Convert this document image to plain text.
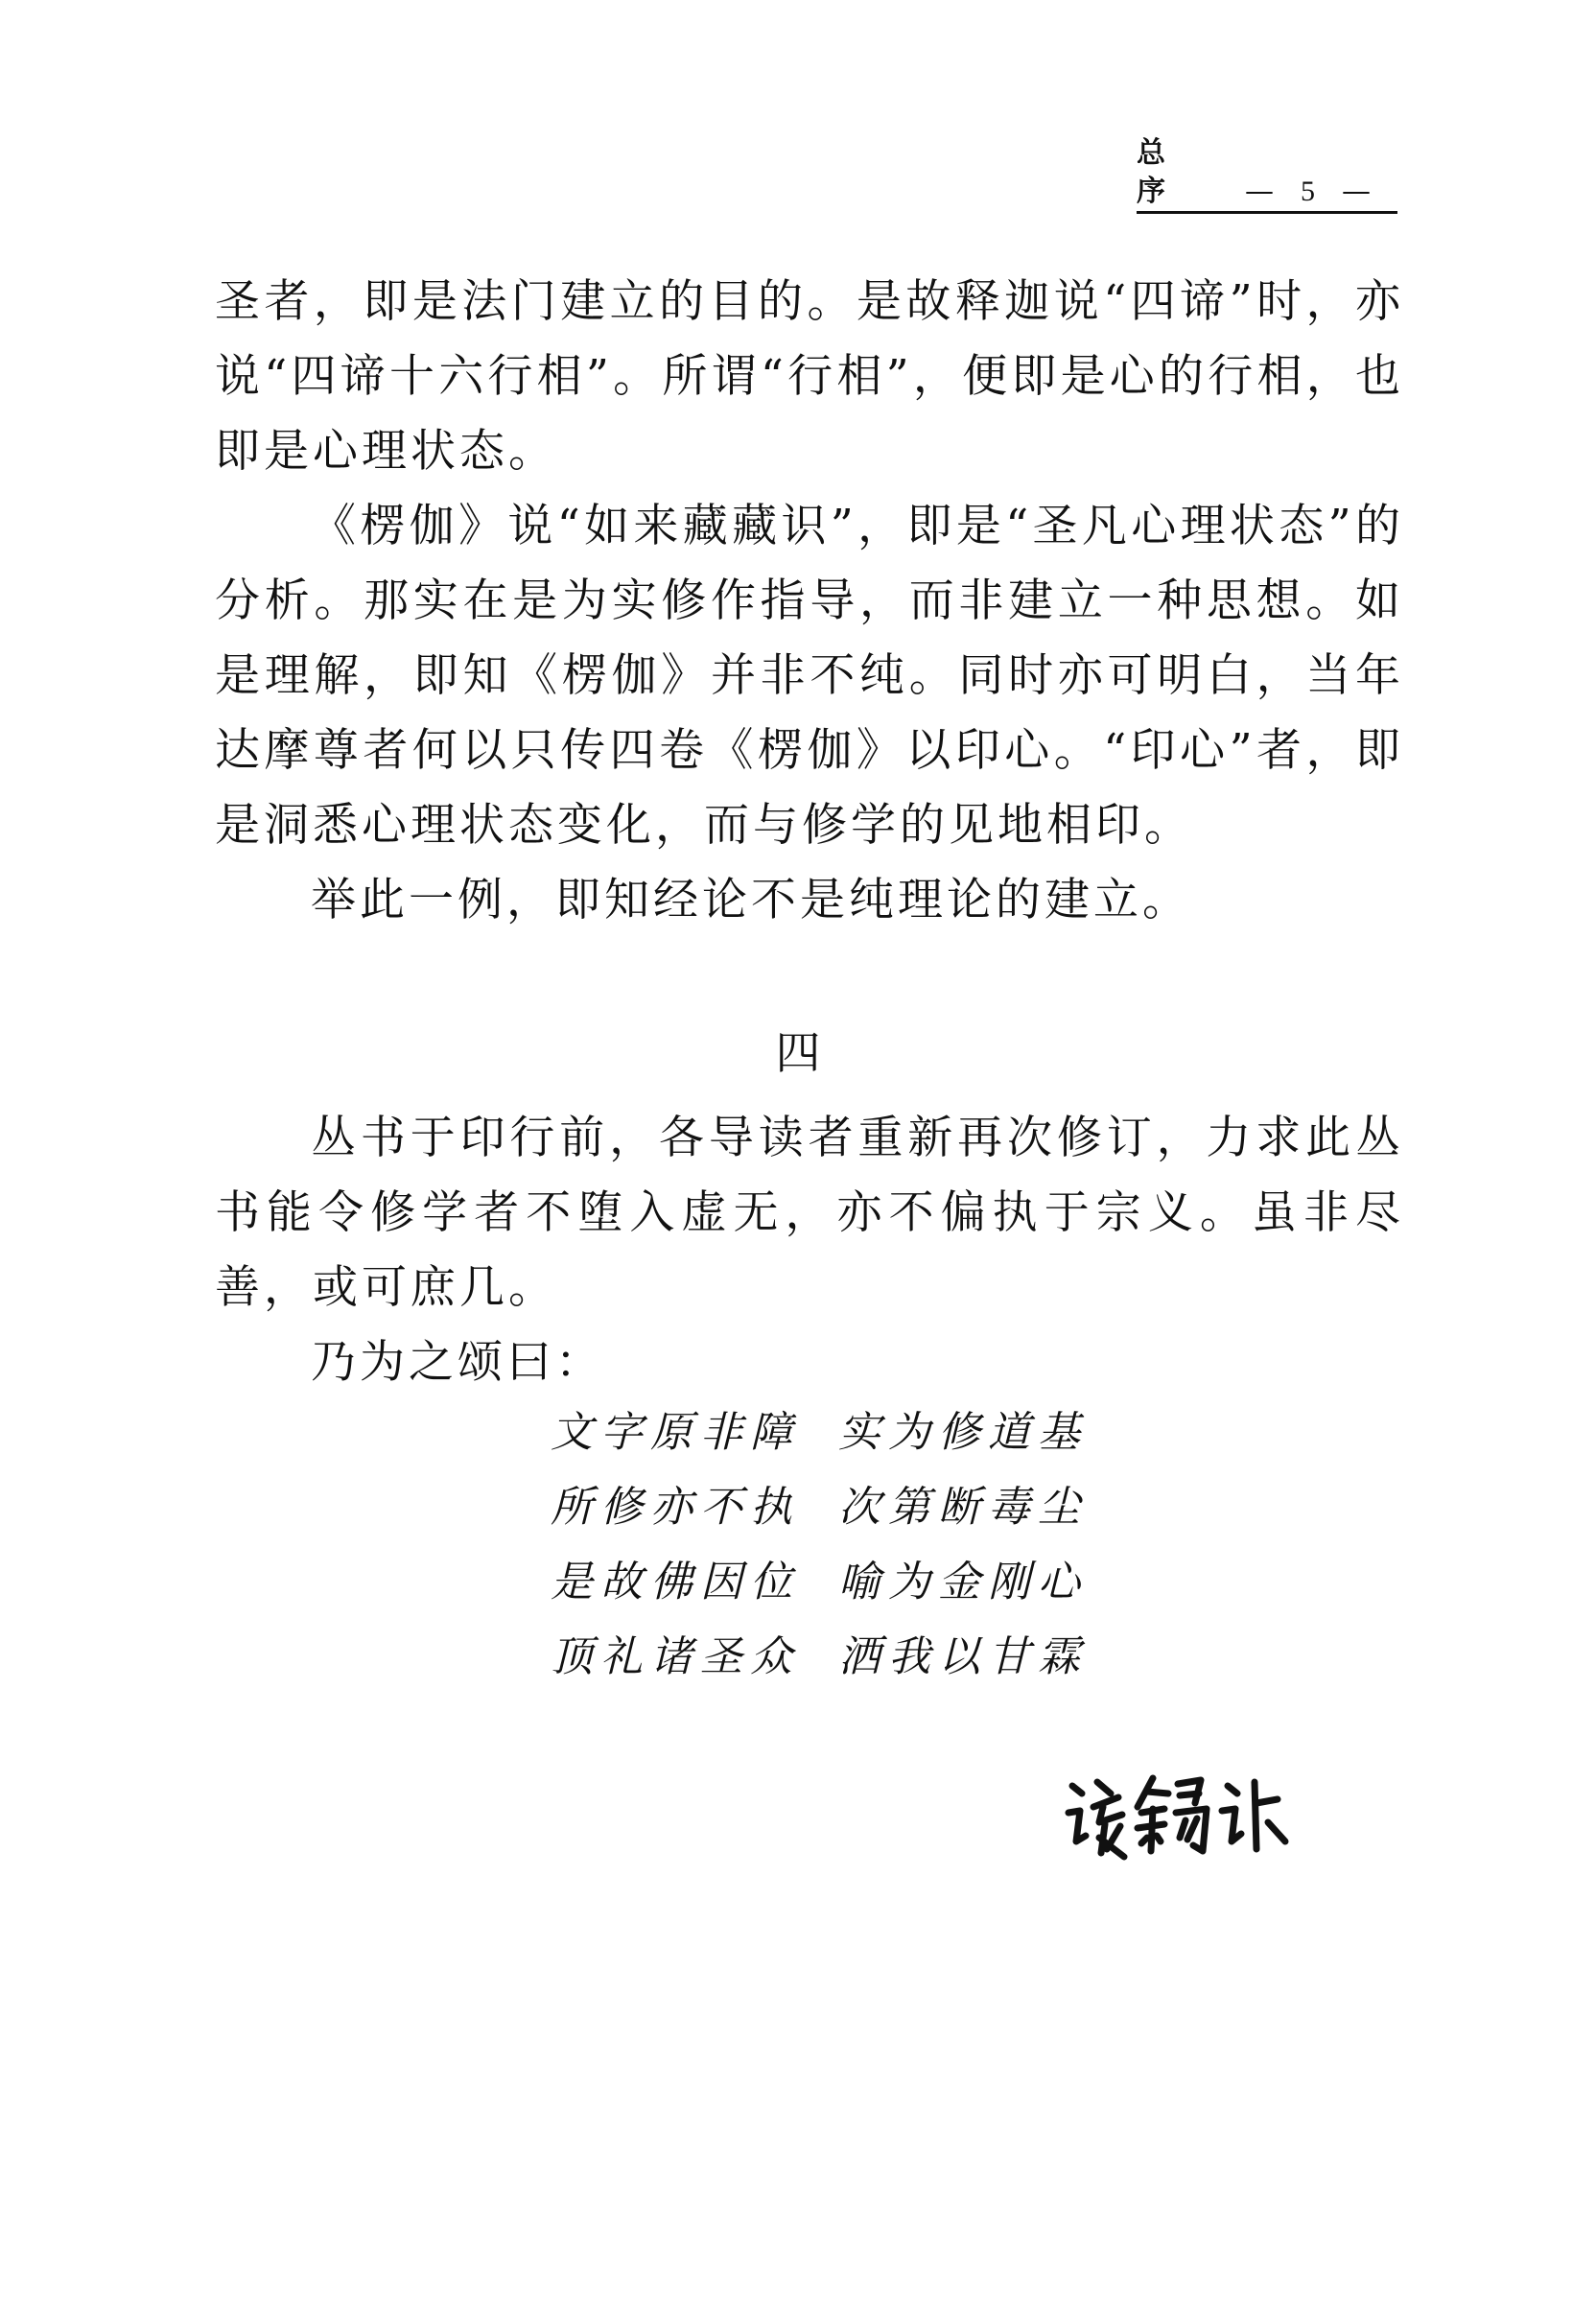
总序	— 5 —

圣者，即是法门建立的目的。是故释迦说“四谛”时，亦说“四谛十六行相”。所谓“行相”，便即是心的行相，也即是心理状态。

《楞伽》说“如来藏藏识”，即是“圣凡心理状态”的分析。那实在是为实修作指导，而非建立一种思想。如是理解，即知《楞伽》并非不纯。同时亦可明白，当年达摩尊者何以只传四卷《楞伽》以印心。“印心”者，即是洞悉心理状态变化，而与修学的见地相印。

举此一例，即知经论不是纯理论的建立。

四

丛书于印行前，各导读者重新再次修订，力求此丛书能令修学者不堕入虚无，亦不偏执于宗义。虽非尽善，或可庶几。

乃为之颂曰：

文字原非障 实为修道基
所修亦不执 次第断毒尘
是故佛因位 喻为金刚心
顶礼诸圣众 洒我以甘霖
